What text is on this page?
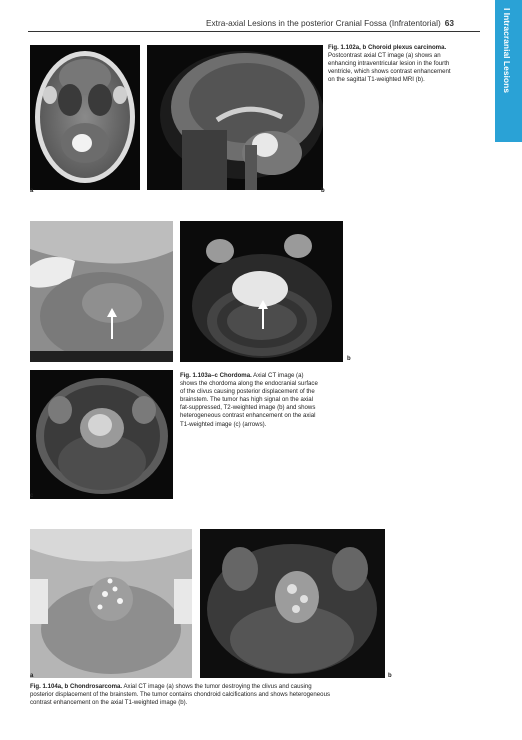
Extra-axial Lesions in the posterior Cranial Fossa (Infratentorial) 63	I Intracranial Lesions
a	b
Fig. 1.102a, b Choroid plexus carcinoma.
Postcontrast axial CT image (a) shows an
enhancing intraventricular lesion in the fourth
ventricle, which shows contrast enhancement
on the sagittal T1-weighted MRI (b).
a	b
c
Fig. 1.103a–c Chordoma. Axial CT image (a)
shows the chordoma along the endocranial surface
of the clivus causing posterior displacement of the
brainstem. The tumor has high signal on the axial
fat-suppressed, T2-weighted image (b) and shows
heterogeneous contrast enhancement on the axial
T1-weighted image (c) (arrows).
a	b
Fig. 1.104a, b Chondrosarcoma. Axial CT image (a) shows the tumor destroying the clivus and causing
posterior displacement of the brainstem. The tumor contains chondroid calcifications and shows heterogeneous
contrast enhancement on the axial T1-weighted image (b).
